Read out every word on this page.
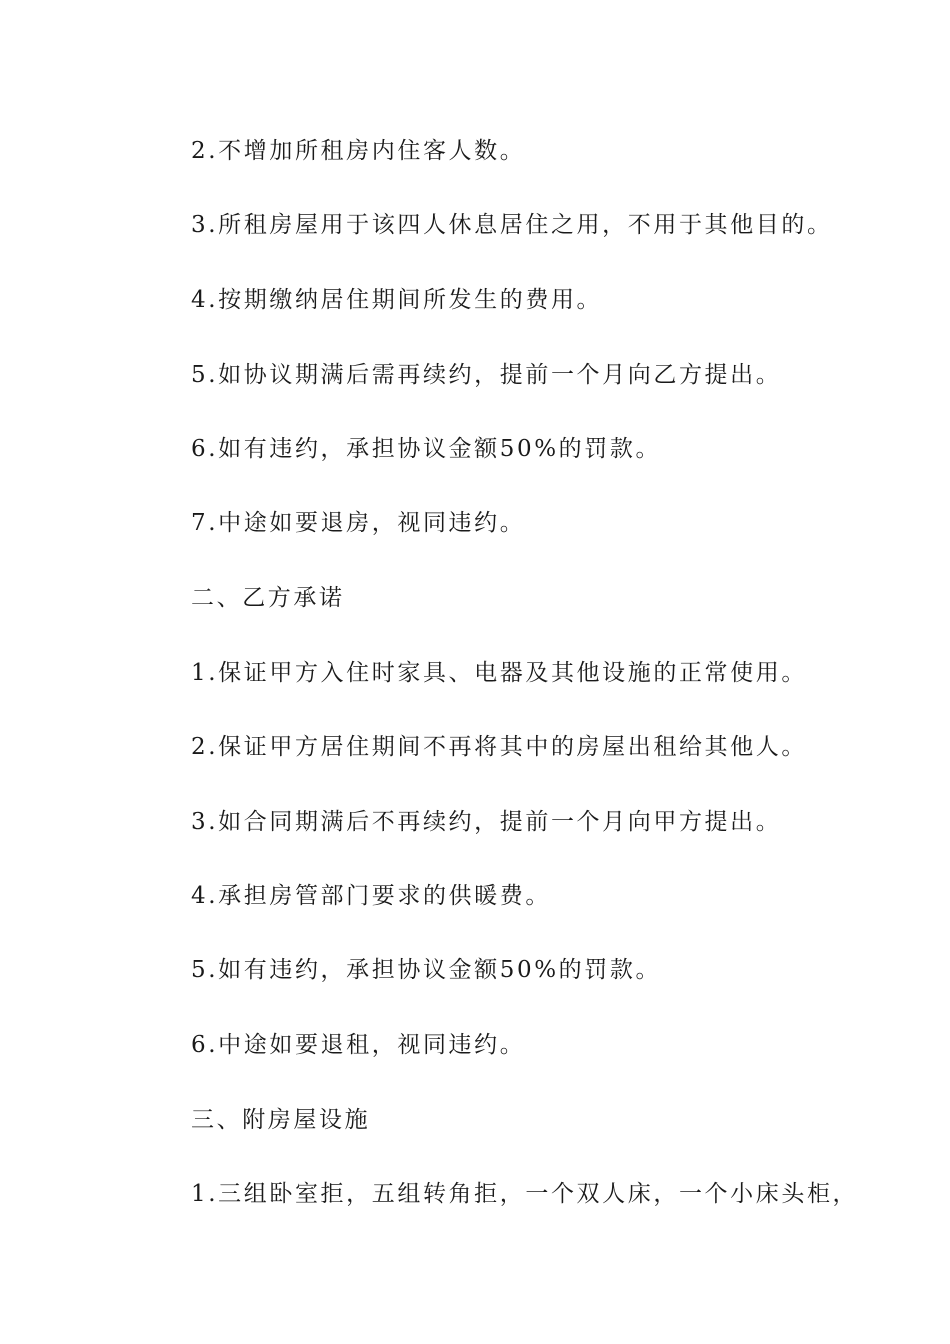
2.不增加所租房内住客人数。
3.所租房屋用于该四人休息居住之用，不用于其他目的。
4.按期缴纳居住期间所发生的费用。
5.如协议期满后需再续约，提前一个月向乙方提出。
6.如有违约，承担协议金额50%的罚款。
7.中途如要退房，视同违约。
二、乙方承诺
1.保证甲方入住时家具、电器及其他设施的正常使用。
2.保证甲方居住期间不再将其中的房屋出租给其他人。
3.如合同期满后不再续约，提前一个月向甲方提出。
4.承担房管部门要求的供暖费。
5.如有违约，承担协议金额50%的罚款。
6.中途如要退租，视同违约。
三、附房屋设施
1.三组卧室拒，五组转角拒，一个双人床，一个小床头柜，
